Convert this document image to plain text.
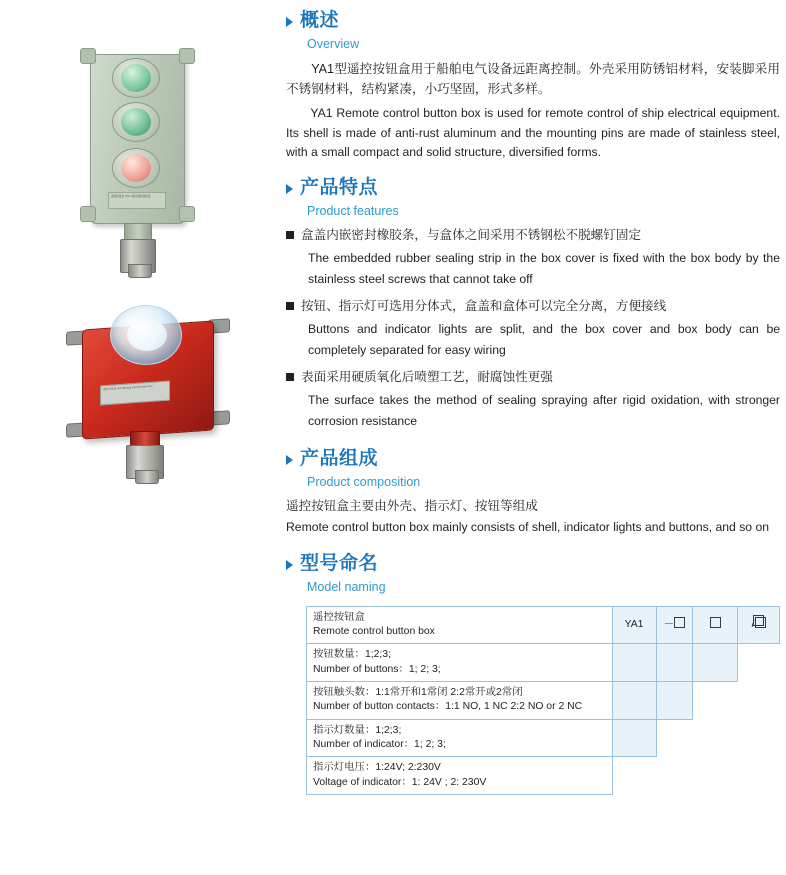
遥控按钮盒 YA1-3 船用遥控按钮盒
遥控按钮盒 YA1 Remote control button box
概述
Overview

YA1型遥控按钮盒用于船舶电气设备远距离控制。外壳采用防锈铝材料，安装脚采用不锈钢材料，结构紧凑，小巧坚固，形式多样。

YA1 Remote control button box is used for remote control of ship electrical equipment. Its shell is made of anti-rust aluminum and the mounting pins are made of stainless steel, with a small compact and solid structure, diversified forms.

产品特点
Product features
盒盖内嵌密封橡胶条，与盒体之间采用不锈钢松不脱螺钉固定
The embedded rubber sealing strip in the box cover is fixed with the box body by the stainless steel screws that cannot take off
按钮、指示灯可选用分体式，盒盖和盒体可以完全分离，方便接线
Buttons and indicator lights are split, and the box cover and box body can be completely separated for easy wiring
表面采用硬质氧化后喷塑工艺，耐腐蚀性更强
The surface takes the method of sealing spraying after rigid oxidation, with stronger corrosion resistance
产品组成
Product composition
遥控按钮盒主要由外壳、指示灯、按钮等组成
Remote control button box mainly consists of shell, indicator lights and buttons, and so on
型号命名
Model naming
遥控按钮盒
Remote control button box	YA1	－		/

按钮数量：1;2;3;
Number of buttons：1; 2; 3;				

按钮触头数：1:1常开和1常闭 2:2常开或2常闭
Number of button contacts：1:1 NO, 1 NC 2:2 NO or 2 NC				

指示灯数量：1;2;3;
Number of indicator：1; 2; 3;				

指示灯电压：1:24V; 2:230V
Voltage of indicator：1: 24V ; 2: 230V				
